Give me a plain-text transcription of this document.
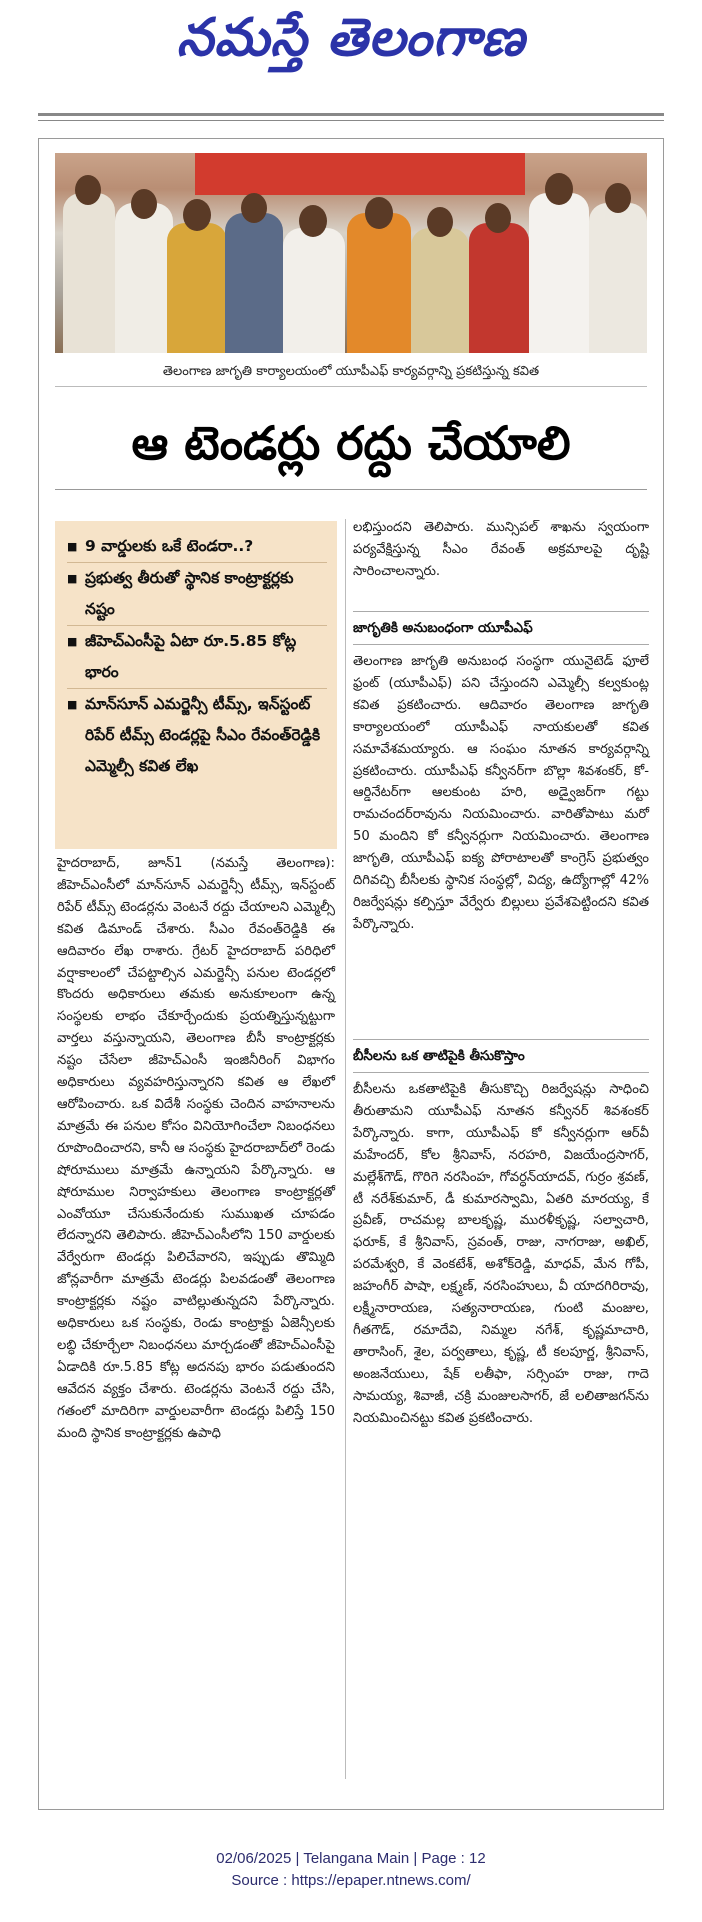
నమస్తే తెలంగాణ
తెలంగాణ జాగృతి కార్యాలయంలో యూపీఎఫ్ కార్యవర్గాన్ని ప్రకటిస్తున్న కవిత
ఆ టెండర్లు రద్దు చేయాలి
■ 9 వార్డులకు ఒకే టెండరా..?
■ ప్రభుత్వ తీరుతో స్థానిక కాంట్రాక్టర్లకు నష్టం
■ జీహెచ్ఎంసీపై ఏటా రూ.5.85 కోట్ల భారం
■ మాన్‌సూన్ ఎమర్జెన్సీ టీమ్స్, ఇన్‌స్టంట్ రిపేర్ టీమ్స్ టెండర్లపై సీఎం రేవంత్‌రెడ్డికి ఎమ్మెల్సీ కవిత లేఖ

హైదరాబాద్, జూన్1 (నమస్తే తెలంగాణ): జీహెచ్ఎంసీలో మాన్‌సూన్ ఎమర్జెన్సీ టీమ్స్, ఇన్‌స్టంట్ రిపేర్ టీమ్స్ టెండర్లను వెంటనే రద్దు చేయాలని ఎమ్మెల్సీ కవిత డిమాండ్ చేశారు. సీఎం రేవంత్‌రెడ్డికి ఈ ఆదివారం లేఖ రాశారు. గ్రేటర్ హైదరాబాద్ పరిధిలో వర్షాకాలంలో చేపట్టాల్సిన ఎమర్జెన్సీ పనుల టెండర్లలో కొందరు అధికారులు తమకు అనుకూలంగా ఉన్న సంస్థలకు లాభం చేకూర్చేందుకు ప్రయత్నిస్తున్నట్టుగా వార్తలు వస్తున్నాయని, తెలంగాణ బీసీ కాంట్రాక్టర్లకు నష్టం చేసేలా జీహెచ్ఎంసీ ఇంజినీరింగ్ విభాగం అధికారులు వ్యవహరిస్తున్నారని కవిత ఆ లేఖలో ఆరోపించారు. ఒక విదేశీ సంస్థకు చెందిన వాహనాలను మాత్రమే ఈ పనుల కోసం వినియోగించేలా నిబంధనలు రూపొందించారని, కానీ ఆ సంస్థకు హైదరాబాద్‌లో రెండు షోరూములు మాత్రమే ఉన్నాయని పేర్కొన్నారు. ఆ షోరూముల నిర్వాహకులు తెలంగాణ కాంట్రాక్టర్లతో ఎంవోయూ చేసుకునేందుకు సుముఖత చూపడం లేదన్నారని తెలిపారు. జీహెచ్ఎంసీలోని 150 వార్డులకు వేర్వేరుగా టెండర్లు పిలిచేవారని, ఇప్పుడు తొమ్మిది జోన్లవారీగా మాత్రమే టెండర్లు పిలవడంతో తెలంగాణ కాంట్రాక్టర్లకు నష్టం వాటిల్లుతున్నదని పేర్కొన్నారు. అధికారులు ఒక సంస్థకు, రెండు కాంట్రాక్టు ఏజెన్సీలకు లబ్ధి చేకూర్చేలా నిబంధనలు మార్చడంతో జీహెచ్ఎంసీపై ఏడాదికి రూ.5.85 కోట్ల అదనపు భారం పడుతుందని ఆవేదన వ్యక్తం చేశారు. టెండర్లను వెంటనే రద్దు చేసి, గతంలో మాదిరిగా వార్డులవారీగా టెండర్లు పిలిస్తే 150 మంది స్థానిక కాంట్రాక్టర్లకు ఉపాధి

లభిస్తుందని తెలిపారు. మున్సిపల్ శాఖను స్వయంగా పర్యవేక్షిస్తున్న సీఎం రేవంత్ అక్రమాలపై దృష్టి సారించాలన్నారు.

జాగృతికి అనుబంధంగా యూపీఎఫ్

తెలంగాణ జాగృతి అనుబంధ సంస్థగా యునైటెడ్ ఫూలే ఫ్రంట్ (యూపీఎఫ్) పని చేస్తుందని ఎమ్మెల్సీ కల్వకుంట్ల కవిత ప్రకటించారు. ఆదివారం తెలంగాణ జాగృతి కార్యాలయంలో యూపీఎఫ్ నాయకులతో కవిత సమావేశమయ్యారు. ఆ సంఘం నూతన కార్యవర్గాన్ని ప్రకటించారు. యూపీఎఫ్ కన్వీనర్‌గా బొల్లా శివశంకర్, కో-ఆర్డినేటర్‌గా ఆలకుంట హరి, అడ్వైజర్‌గా గట్టు రామచందర్‌రావును నియమించారు. వారితోపాటు మరో 50 మందిని కో కన్వీనర్లుగా నియమించారు. తెలంగాణ జాగృతి, యూపీఎఫ్ ఐక్య పోరాటాలతో కాంగ్రెస్ ప్రభుత్వం దిగివచ్చి బీసీలకు స్థానిక సంస్థల్లో, విద్య, ఉద్యోగాల్లో 42% రిజర్వేషన్లు కల్పిస్తూ వేర్వేరు బిల్లులు ప్రవేశపెట్టిందని కవిత పేర్కొన్నారు.

బీసీలను ఒక తాటిపైకి తీసుకొస్తాం

బీసీలను ఒకతాటిపైకి తీసుకొచ్చి రిజర్వేషన్లు సాధించి తీరుతామని యూపీఎఫ్ నూతన కన్వీనర్ శివశంకర్ పేర్కొన్నారు. కాగా, యూపీఎఫ్ కో కన్వీనర్లుగా ఆర్‌వీ మహేందర్, కోల శ్రీనివాస్, నరహరి, విజయేంద్రసాగర్, మల్లేశ్‌గౌడ్, గొరిగె నరసింహ, గోవర్ధన్‌యాదవ్, గుర్రం శ్రవణ్, టీ నరేశ్‌కుమార్, డీ కుమారస్వామి, ఏతరి మారయ్య, కే ప్రవీణ్, రాచమల్ల బాలకృష్ణ, మురళీకృష్ణ, సల్వాచారి, ఫరూక్, కే శ్రీనివాస్, స్రవంత్, రాజు, నాగరాజు, అఖిల్, పరమేశ్వరి, కే వెంకటేశ్, అశోక్‌రెడ్డి, మాధవ్, మేన గోపీ, జహంగీర్ పాషా, లక్ష్మణ్, నరసింహులు, వీ యాదగిరిరావు, లక్ష్మీనారాయణ, సత్యనారాయణ, గుంటి మంజుల, గీతగౌడ్, రమాదేవి, నిమ్మల నగేశ్, కృష్ణమాచారి, తారాసింగ్, శైల, పర్వతాలు, కృష్ణ, టీ కలపూర్ణ, శ్రీనివాస్, అంజనేయులు, షేక్ లతీఫా, సర్సింహ రాజు, గాదె సామయ్య, శివాజీ, చక్రి మంజులసాగర్, జే లలితాజగన్‌ను నియమించినట్టు కవిత ప్రకటించారు.

02/06/2025 | Telangana Main | Page : 12
Source : https://epaper.ntnews.com/
